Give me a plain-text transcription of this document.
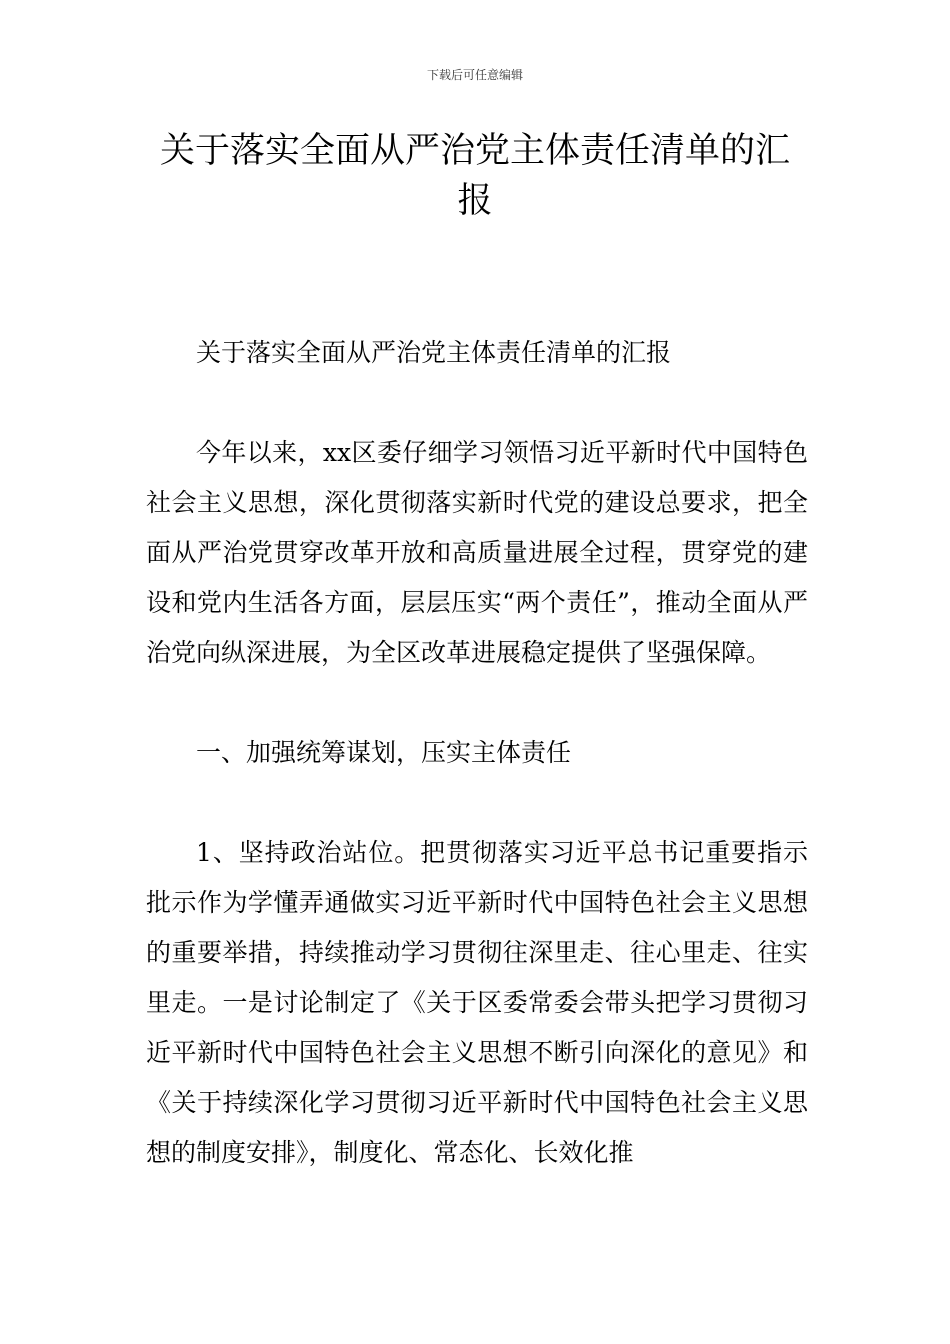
下载后可任意编辑
关于落实全面从严治党主体责任清单的汇报

关于落实全面从严治党主体责任清单的汇报

今年以来，xx区委仔细学习领悟习近平新时代中国特色社会主义思想，深化贯彻落实新时代党的建设总要求，把全面从严治党贯穿改革开放和高质量进展全过程，贯穿党的建设和党内生活各方面，层层压实“两个责任”，推动全面从严治党向纵深进展，为全区改革进展稳定提供了坚强保障。

一、加强统筹谋划，压实主体责任

1、坚持政治站位。把贯彻落实习近平总书记重要指示批示作为学懂弄通做实习近平新时代中国特色社会主义思想的重要举措，持续推动学习贯彻往深里走、往心里走、往实里走。一是讨论制定了《关于区委常委会带头把学习贯彻习近平新时代中国特色社会主义思想不断引向深化的意见》和《关于持续深化学习贯彻习近平新时代中国特色社会主义思想的制度安排》，制度化、常态化、长效化推
